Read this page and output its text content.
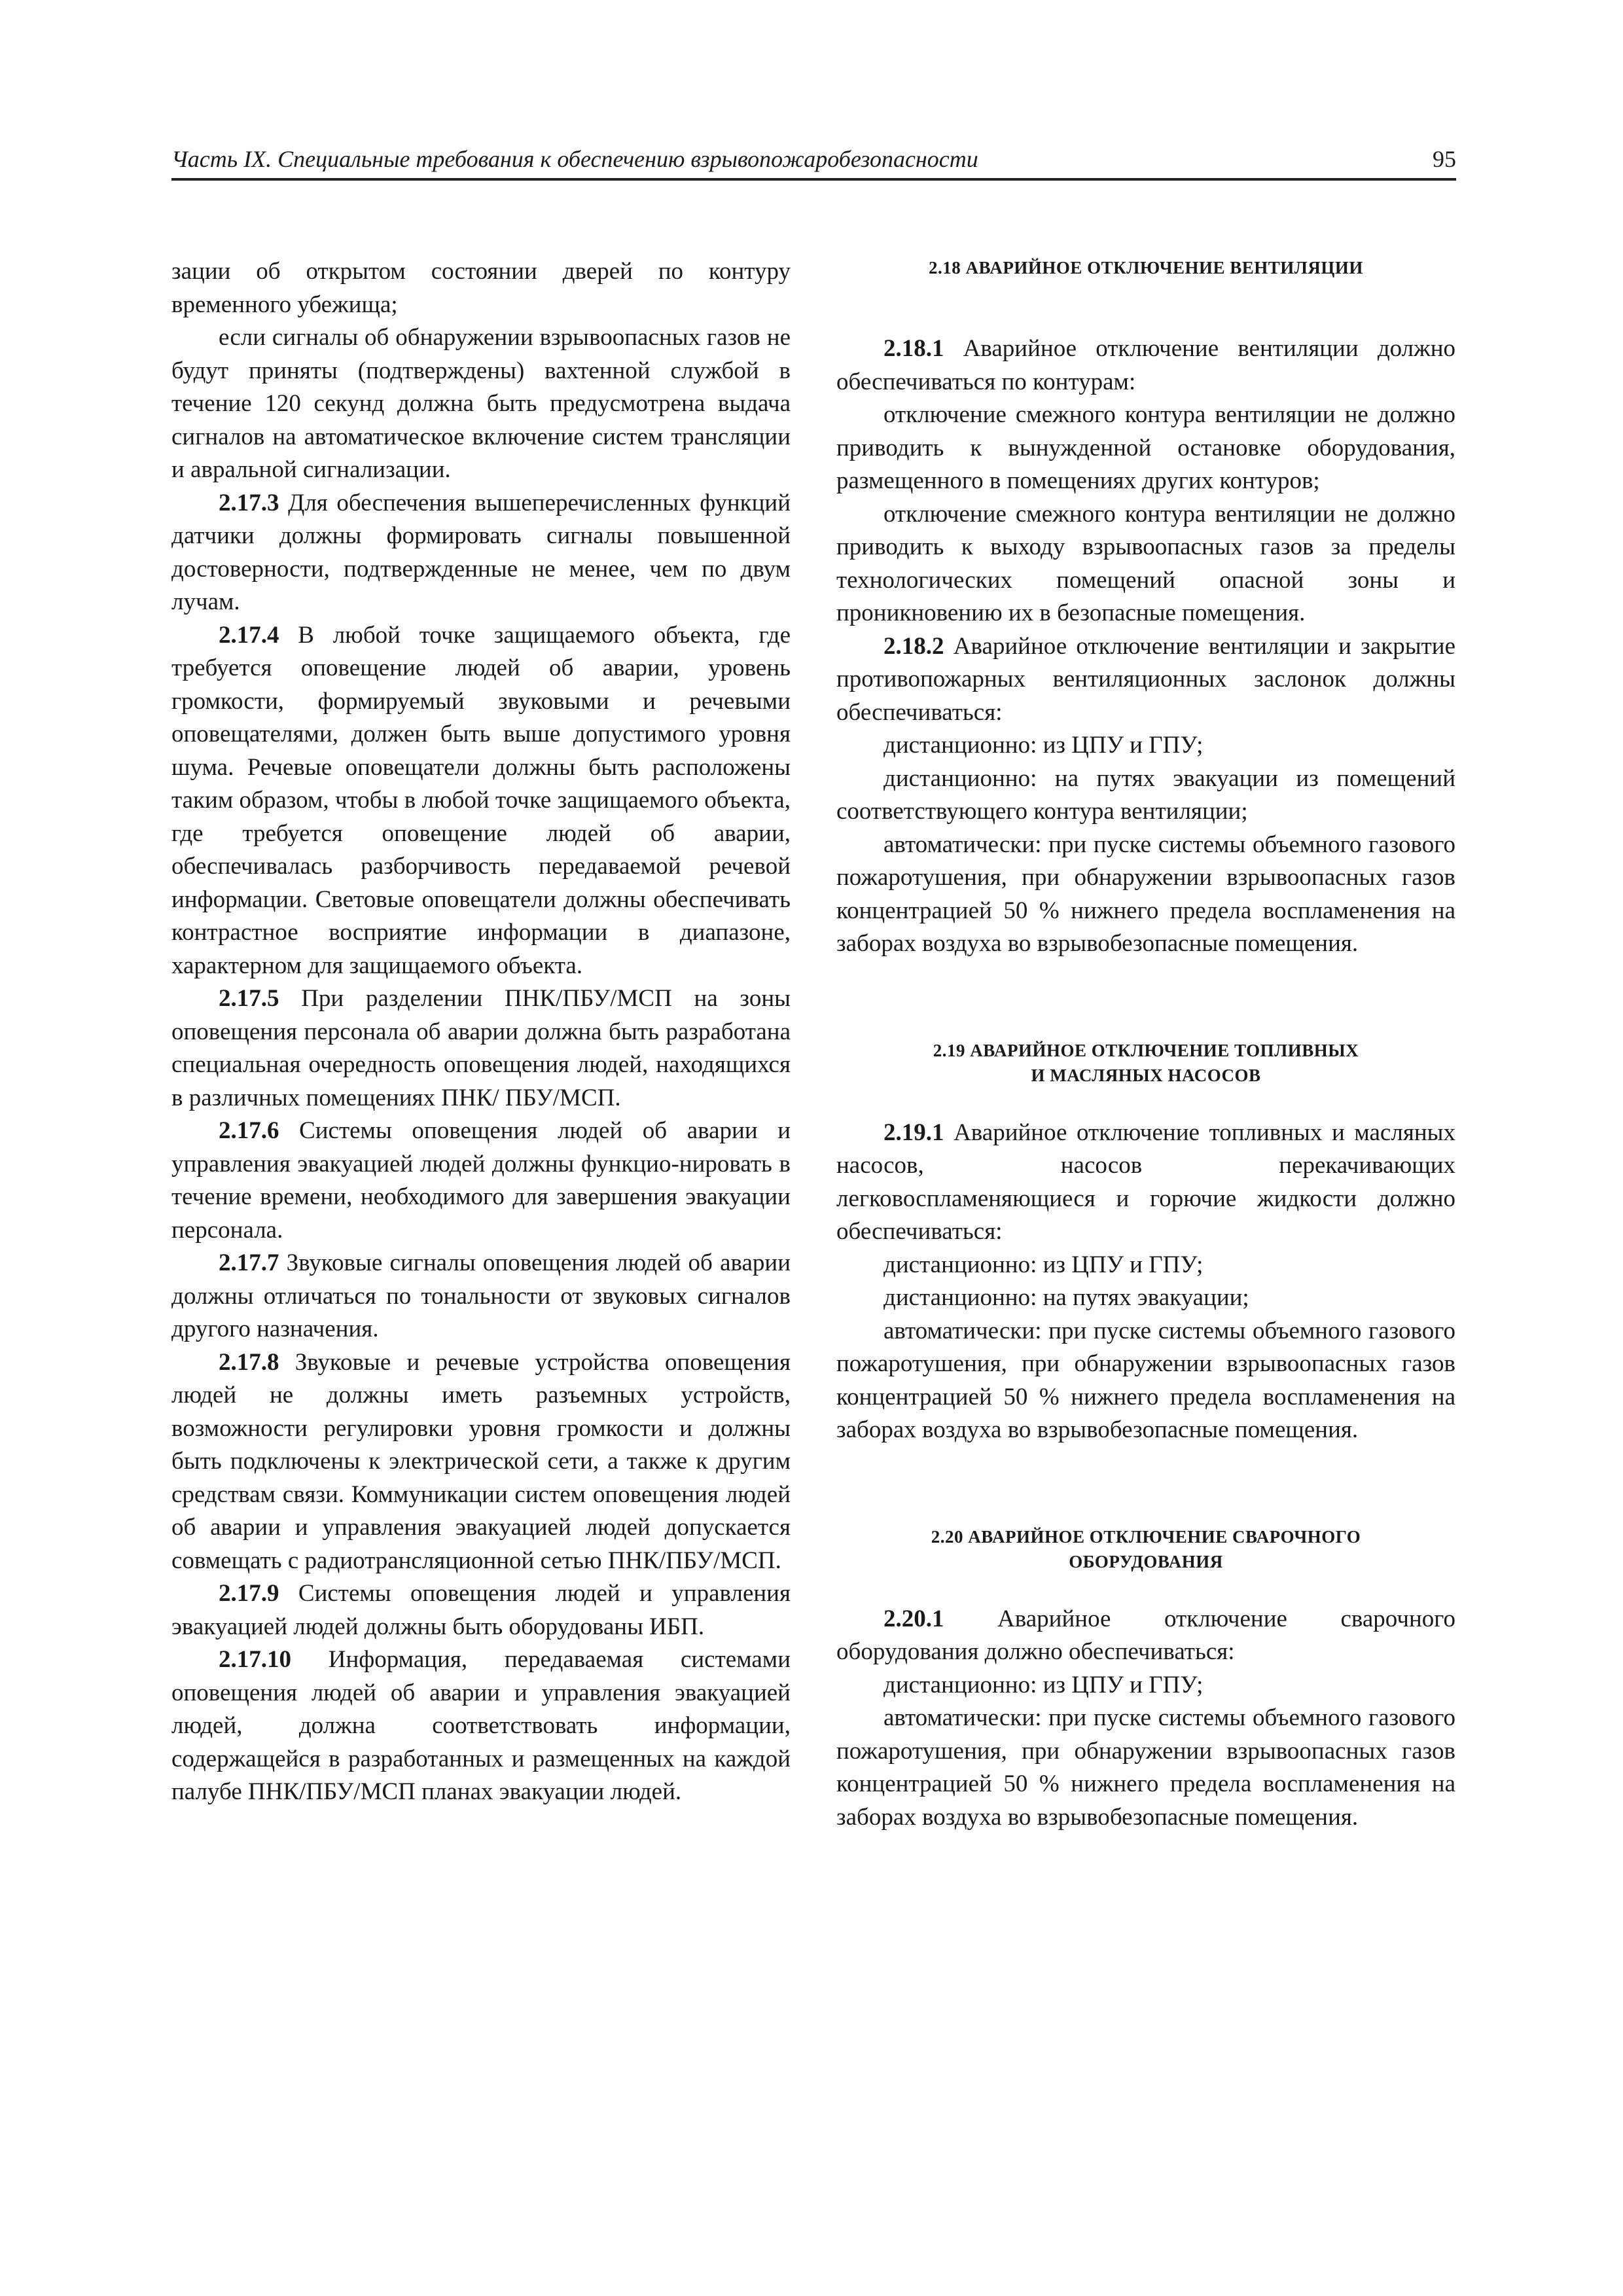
Часть IX. Специальные требования к обеспечению взрывопожаробезопасности	95

зации об открытом состоянии дверей по контуру временного убежища;

если сигналы об обнаружении взрывоопасных газов не будут приняты (подтверждены) вахтенной службой в течение 120 секунд должна быть предусмотрена выдача сигналов на автоматическое включение систем трансляции и авральной сигнализации.

2.17.3 Для обеспечения вышеперечисленных функций датчики должны формировать сигналы повышенной достоверности, подтвержденные не менее, чем по двум лучам.

2.17.4 В любой точке защищаемого объекта, где требуется оповещение людей об аварии, уровень громкости, формируемый звуковыми и речевыми оповещателями, должен быть выше допустимого уровня шума. Речевые оповещатели должны быть расположены таким образом, чтобы в любой точке защищаемого объекта, где требуется оповещение людей об аварии, обеспечивалась разборчивость передаваемой речевой информации. Световые оповещатели должны обеспечивать контрастное восприятие информации в диапазоне, характерном для защищаемого объекта.

2.17.5 При разделении ПНК/ПБУ/МСП на зоны оповещения персонала об аварии должна быть разработана специальная очередность оповещения людей, находящихся в различных помещениях ПНК/ ПБУ/МСП.

2.17.6 Системы оповещения людей об аварии и управления эвакуацией людей должны функцио-нировать в течение времени, необходимого для завершения эвакуации персонала.

2.17.7 Звуковые сигналы оповещения людей об аварии должны отличаться по тональности от звуковых сигналов другого назначения.

2.17.8 Звуковые и речевые устройства оповещения людей не должны иметь разъемных устройств, возможности регулировки уровня громкости и должны быть подключены к электрической сети, а также к другим средствам связи. Коммуникации систем оповещения людей об аварии и управления эвакуацией людей допускается совмещать с радиотрансляционной сетью ПНК/ПБУ/МСП.

2.17.9 Системы оповещения людей и управления эвакуацией людей должны быть оборудованы ИБП.

2.17.10 Информация, передаваемая системами оповещения людей об аварии и управления эвакуацией людей, должна соответствовать информации, содержащейся в разработанных и размещенных на каждой палубе ПНК/ПБУ/МСП планах эвакуации людей.

2.18 АВАРИЙНОЕ ОТКЛЮЧЕНИЕ ВЕНТИЛЯЦИИ

2.18.1 Аварийное отключение вентиляции должно обеспечиваться по контурам:

отключение смежного контура вентиляции не должно приводить к вынужденной остановке оборудования, размещенного в помещениях других контуров;

отключение смежного контура вентиляции не должно приводить к выходу взрывоопасных газов за пределы технологических помещений опасной зоны и проникновению их в безопасные помещения.

2.18.2 Аварийное отключение вентиляции и закрытие противопожарных вентиляционных заслонок должны обеспечиваться:

дистанционно: из ЦПУ и ГПУ;

дистанционно: на путях эвакуации из помещений соответствующего контура вентиляции;

автоматически: при пуске системы объемного газового пожаротушения, при обнаружении взрывоопасных газов концентрацией 50 % нижнего предела воспламенения на заборах воздуха во взрывобезопасные помещения.

2.19 АВАРИЙНОЕ ОТКЛЮЧЕНИЕ ТОПЛИВНЫХ
И МАСЛЯНЫХ НАСОСОВ

2.19.1 Аварийное отключение топливных и масляных насосов, насосов перекачивающих легковоспламеняющиеся и горючие жидкости должно обеспечиваться:

дистанционно: из ЦПУ и ГПУ;

дистанционно: на путях эвакуации;

автоматически: при пуске системы объемного газового пожаротушения, при обнаружении взрывоопасных газов концентрацией 50 % нижнего предела воспламенения на заборах воздуха во взрывобезопасные помещения.

2.20 АВАРИЙНОЕ ОТКЛЮЧЕНИЕ СВАРОЧНОГО
ОБОРУДОВАНИЯ

2.20.1 Аварийное отключение сварочного оборудования должно обеспечиваться:

дистанционно: из ЦПУ и ГПУ;

автоматически: при пуске системы объемного газового пожаротушения, при обнаружении взрывоопасных газов концентрацией 50 % нижнего предела воспламенения на заборах воздуха во взрывобезопасные помещения.
